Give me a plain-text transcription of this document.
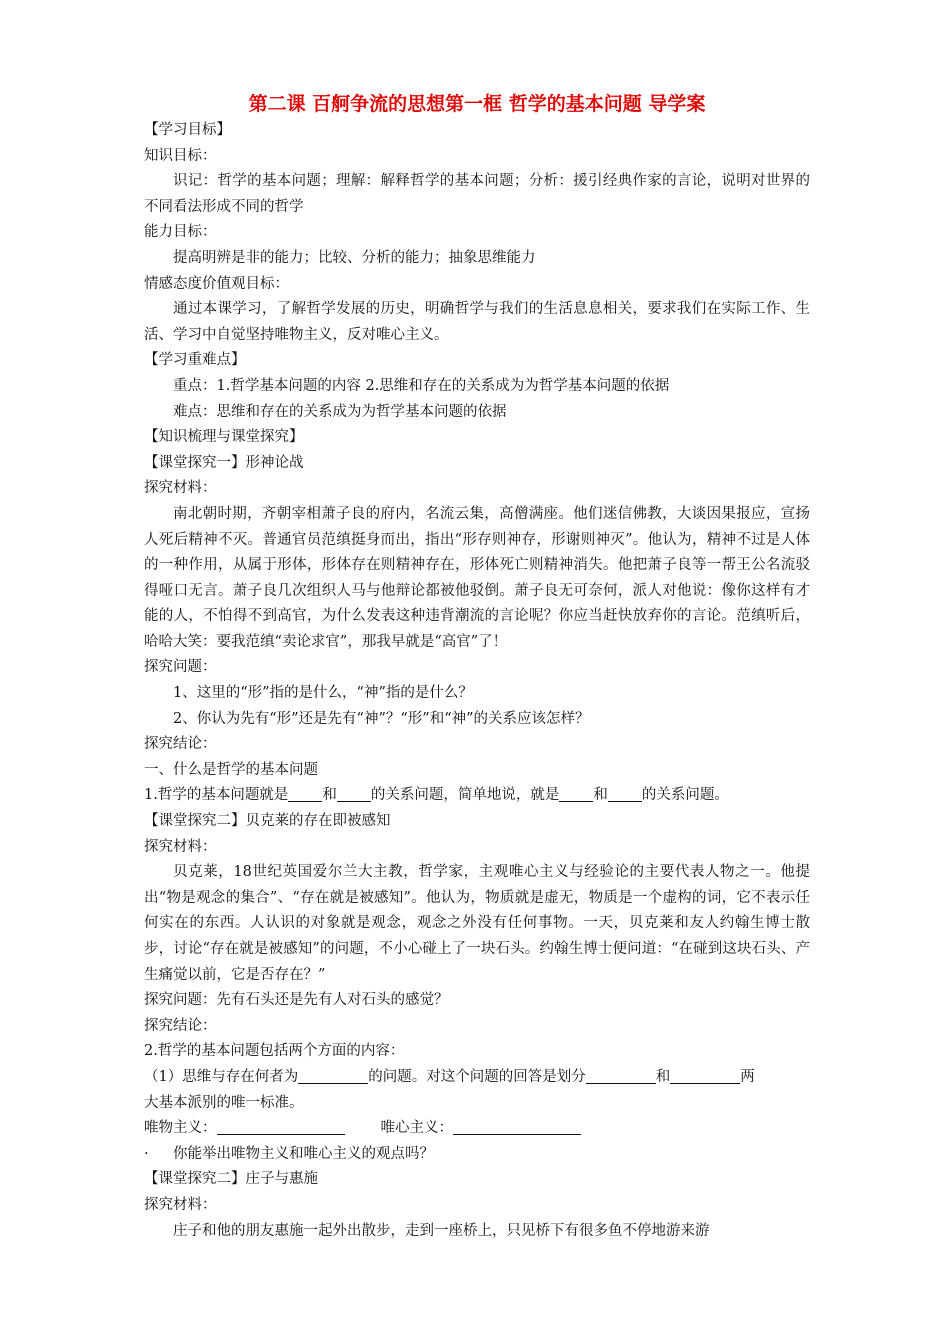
第二课 百舸争流的思想第一框 哲学的基本问题 导学案
【学习目标】
知识目标：
识记：哲学的基本问题；理解：解释哲学的基本问题；分析：援引经典作家的言论，说明对世界的不同看法形成不同的哲学
能力目标：
提高明辨是非的能力；比较、分析的能力；抽象思维能力
情感态度价值观目标：
通过本课学习，了解哲学发展的历史，明确哲学与我们的生活息息相关，要求我们在实际工作、生活、学习中自觉坚持唯物主义，反对唯心主义。
【学习重难点】
重点：1.哲学基本问题的内容 2.思维和存在的关系成为为哲学基本问题的依据
难点：思维和存在的关系成为为哲学基本问题的依据
【知识梳理与课堂探究】
【课堂探究一】形神论战
探究材料：
南北朝时期，齐朝宰相萧子良的府内，名流云集，高僧满座。他们迷信佛教，大谈因果报应，宣扬人死后精神不灭。普通官员范缜挺身而出，指出“形存则神存，形谢则神灭”。他认为，精神不过是人体的一种作用，从属于形体，形体存在则精神存在，形体死亡则精神消失。他把萧子良等一帮王公名流驳得哑口无言。萧子良几次组织人马与他辩论都被他驳倒。萧子良无可奈何，派人对他说：像你这样有才能的人，不怕得不到高官，为什么发表这种违背潮流的言论呢？你应当赶快放弃你的言论。范缜听后，哈哈大笑：要我范缜“卖论求官”，那我早就是“高官”了！
探究问题：
1、这里的“形”指的是什么，“神”指的是什么？
2、你认为先有“形”还是先有“神”？“形”和“神”的关系应该怎样？
探究结论：
一、什么是哲学的基本问题
1.哲学的基本问题就是 和 的关系问题，简单地说，就是 和 的关系问题。
【课堂探究二】贝克莱的存在即被感知
探究材料：
贝克莱，18世纪英国爱尔兰大主教，哲学家，主观唯心主义与经验论的主要代表人物之一。他提出“物是观念的集合”、“存在就是被感知”。他认为，物质就是虚无，物质是一个虚构的词，它不表示任何实在的东西。人认识的对象就是观念，观念之外没有任何事物。一天，贝克莱和友人约翰生博士散步，讨论“存在就是被感知”的问题，不小心碰上了一块石头。约翰生博士便问道：“在碰到这块石头、产生痛觉以前，它是否存在？”
探究问题：先有石头还是先有人对石头的感觉？
探究结论：
2.哲学的基本问题包括两个方面的内容：
（1）思维与存在何者为	的问题。对这个问题的回答是划分	和	两
大基本派别的唯一标准。
唯物主义：	唯心主义：
· 你能举出唯物主义和唯心主义的观点吗？
【课堂探究二】庄子与惠施
探究材料：
庄子和他的朋友惠施一起外出散步，走到一座桥上，只见桥下有很多鱼不停地游来游
